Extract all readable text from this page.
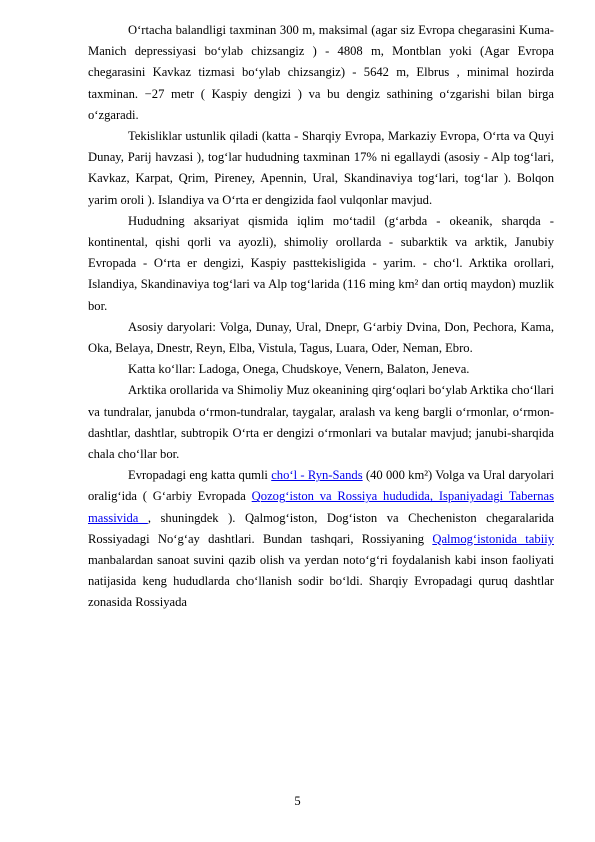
O‘rtacha balandligi taxminan 300 m, maksimal (agar siz Evropa chegarasini Kuma-Manich depressiyasi bo‘ylab chizsangiz ) - 4808 m, Montblan yoki (Agar Evropa chegarasini Kavkaz tizmasi bo‘ylab chizsangiz) - 5642 m, Elbrus , minimal hozirda taxminan. −27 metr ( Kaspiy dengizi ) va bu dengiz sathining o‘zgarishi bilan birga o‘zgaradi.

Tekisliklar ustunlik qiladi (katta - Sharqiy Evropa, Markaziy Evropa, O‘rta va Quyi Dunay, Parij havzasi ), tog‘lar hududning taxminan 17% ni egallaydi (asosiy - Alp tog‘lari, Kavkaz, Karpat, Qrim, Pireney, Apennin, Ural, Skandinaviya tog‘lari, tog‘lar ). Bolqon yarim oroli ). Islandiya va O‘rta er dengizida faol vulqonlar mavjud.

Hududning aksariyat qismida iqlim mo‘tadil (g‘arbda - okeanik, sharqda - kontinental, qishi qorli va ayozli), shimoliy orollarda - subarktik va arktik, Janubiy Evropada - O‘rta er dengizi, Kaspiy pasttekisligida - yarim. - cho‘l. Arktika orollari, Islandiya, Skandinaviya tog‘lari va Alp tog‘larida (116 ming km² dan ortiq maydon) muzlik bor.

Asosiy daryolari: Volga, Dunay, Ural, Dnepr, G‘arbiy Dvina, Don, Pechora, Kama, Oka, Belaya, Dnestr, Reyn, Elba, Vistula, Tagus, Luara, Oder, Neman, Ebro.

Katta ko‘llar: Ladoga, Onega, Chudskoye, Venern, Balaton, Jeneva.

Arktika orollarida va Shimoliy Muz okeanining qirg‘oqlari bo‘ylab Arktika cho‘llari va tundralar, janubda o‘rmon-tundralar, taygalar, aralash va keng bargli o‘rmonlar, o‘rmon-dashtlar, dashtlar, subtropik O‘rta er dengizi o‘rmonlari va butalar mavjud; janubi-sharqida chala cho‘llar bor.

Evropadagi eng katta qumli cho‘l - Ryn-Sands (40 000 km²) Volga va Ural daryolari oralig‘ida ( G‘arbiy Evropada Qozog‘iston va Rossiya hududida, Ispaniyadagi Tabernas massivida , shuningdek ). Qalmog‘iston, Dog‘iston va Checheniston chegaralarida Rossiyadagi No‘g‘ay dashtlari. Bundan tashqari, Rossiyaning Qalmog‘istonida tabiiy manbalardan sanoat suvini qazib olish va yerdan noto‘g‘ri foydalanish kabi inson faoliyati natijasida keng hududlarda cho‘llanish sodir bo‘ldi. Sharqiy Evropadagi quruq dashtlar zonasida Rossiyada

5
